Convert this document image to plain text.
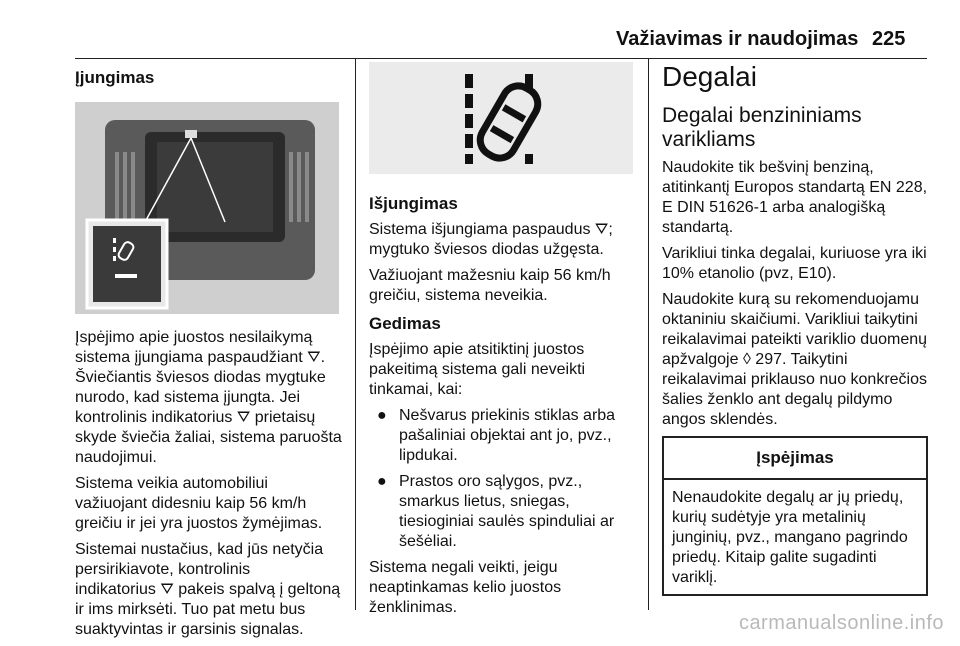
Važiavimas ir naudojimas 225
Įjungimas

Įspėjimo apie juostos nesilaikymą
sistema įjungiama paspaudžiant ⛛.
Šviečiantis šviesos diodas mygtuke
nurodo, kad sistema įjungta. Jei
kontrolinis indikatorius ⛛ prietaisų
skyde šviečia žaliai, sistema paruošta
naudojimui.

Sistema veikia automobiliui
važiuojant didesniu kaip 56 km/h
greičiu ir jei yra juostos žymėjimas.

Sistemai nustačius, kad jūs netyčia
persirikiavote, kontrolinis
indikatorius ⛛ pakeis spalvą į geltoną
ir ims mirksėti. Tuo pat metu bus
suaktyvintas ir garsinis signalas.

Išjungimas

Sistema išjungiama paspaudus ⛛;
mygtuko šviesos diodas užgęsta.

Važiuojant mažesniu kaip 56 km/h
greičiu, sistema neveikia.

Gedimas

Įspėjimo apie atsitiktinį juostos
pakeitimą sistema gali neveikti
tinkamai, kai:

● Nešvarus priekinis stiklas arba
pašaliniai objektai ant jo, pvz.,
lipdukai.
● Prastos oro sąlygos, pvz.,
smarkus lietus, sniegas,
tiesioginiai saulės spinduliai ar
šešėliai.

Sistema negali veikti, jeigu
neaptinkamas kelio juostos
ženklinimas.

Degalai
Degalai benzininiams
varikliams

Naudokite tik bešvinį benziną,
atitinkantį Europos standartą EN 228,
E DIN 51626-1 arba analogišką
standartą.

Varikliui tinka degalai, kuriuose yra iki
10% etanolio (pvz, E10).

Naudokite kurą su rekomenduojamu
oktaniniu skaičiumi. Varikliui taikytini
reikalavimai pateikti variklio duomenų
apžvalgoje ◊ 297. Taikytini
reikalavimai priklauso nuo konkrečios
šalies ženklo ant degalų pildymo
angos sklendės.

Įspėjimas
Nenaudokite degalų ar jų priedų,
kurių sudėtyje yra metalinių
junginių, pvz., mangano pagrindo
priedų. Kitaip galite sugadinti
variklį.
carmanualsonline.info
